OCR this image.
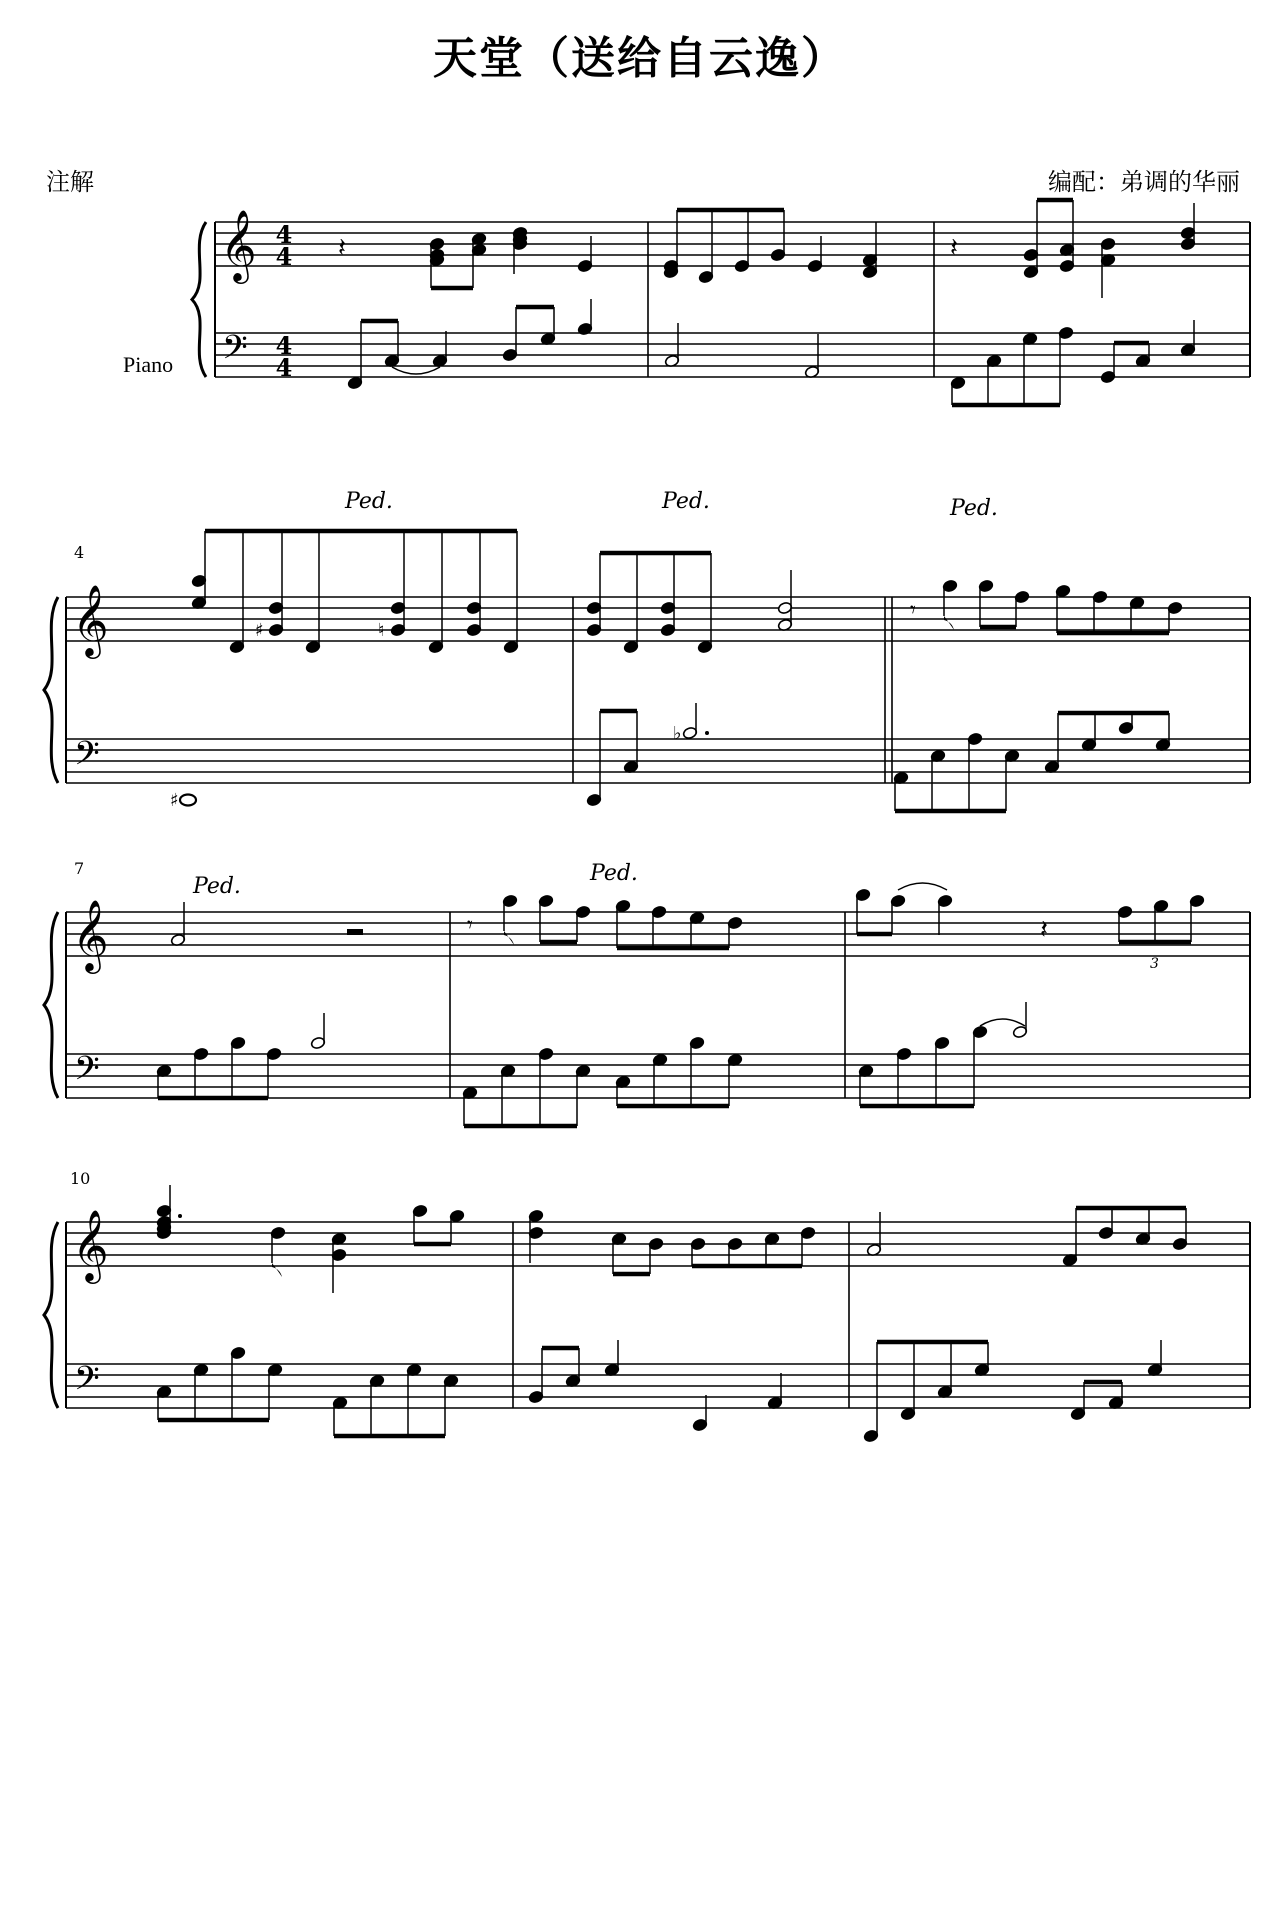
天堂（送给自云逸）
注解	编配：弟调的华丽
𝄞
𝄢
4
4
4
4
Piano
𝄽	𝄽
Ped.	Ped.	Ped.
𝄞
𝄢
4
♯	♮
𝄾
♯
♭
Ped.
Ped.
𝄞
𝄢
7
𝄾	𝄽
3
𝄞
𝄢
10
